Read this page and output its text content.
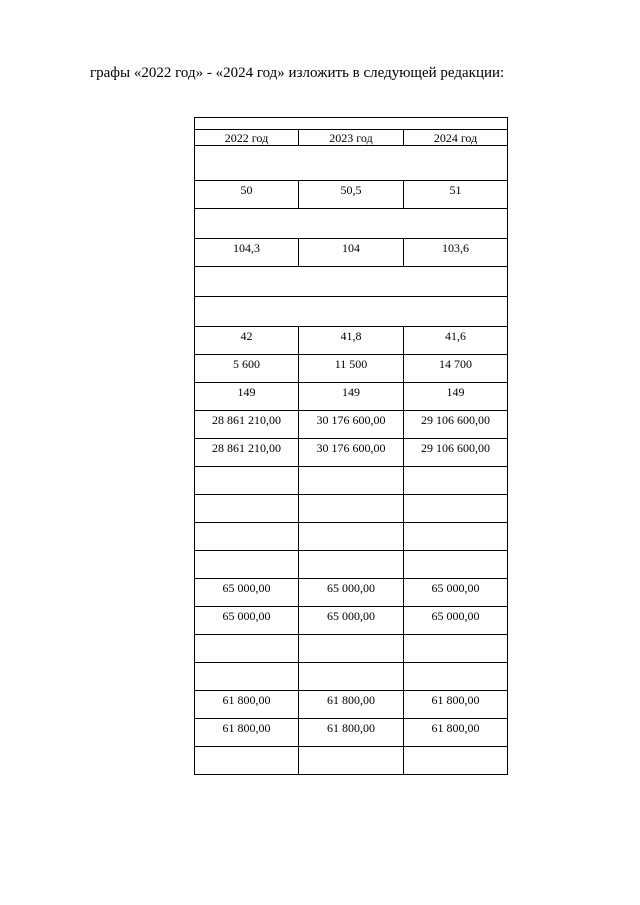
графы «2022 год» - «2024 год» изложить в следующей редакции:

2022 год	2023 год	2024 год

50	50,5	51

104,3	104	103,6

42	41,8	41,6
5 600	11 500	14 700
149	149	149
28 861 210,00	30 176 600,00	29 106 600,00
28 861 210,00	30 176 600,00	29 106 600,00

65 000,00	65 000,00	65 000,00
65 000,00	65 000,00	65 000,00

61 800,00	61 800,00	61 800,00
61 800,00	61 800,00	61 800,00
